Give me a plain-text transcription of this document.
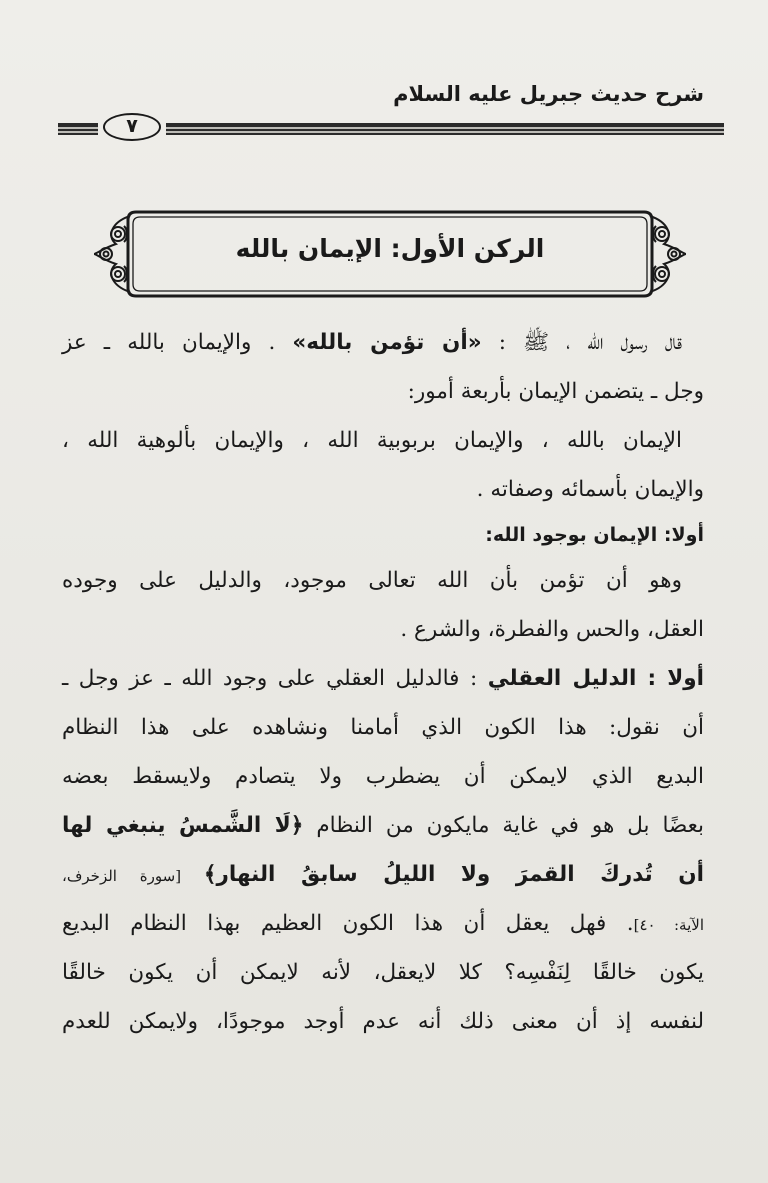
شرح حديث جبريل عليه السلام
٧
الركن الأول: الإيمان بالله
قال رسول الله ، ﷺ : «أن تؤمن بالله» . والإيمان بالله ـ عز
وجل ـ يتضمن الإيمان بأربعة أمور:
الإيمان بالله ، والإيمان بربوبية الله ، والإيمان بألوهية الله ،
والإيمان بأسمائه وصفاته .
أولا: الإيمان بوجود الله:
وهو أن تؤمن بأن الله تعالى موجود، والدليل على وجوده
العقل، والحس والفطرة، والشرع .
أولا : الدليل العقلي : فالدليل العقلي على وجود الله ـ عز وجل ـ
أن نقول: هذا الكون الذي أمامنا ونشاهده على هذا النظام
البديع الذي لايمكن أن يضطرب ولا يتصادم ولايسقط بعضه
بعضًا بل هو في غاية مايكون من النظام ﴿لَا الشَّمسُ ينبغي لها
أن تُدركَ القمرَ ولا الليلُ سابقُ النهار﴾ [سورة الزخرف،
الآية: ٤٠]. فهل يعقل أن هذا الكون العظيم بهذا النظام البديع
يكون خالقًا لِنَفْسِه؟ كلا لايعقل، لأنه لايمكن أن يكون خالقًا
لنفسه إذ أن معنى ذلك أنه عدم أوجد موجودًا، ولايمكن للعدم
